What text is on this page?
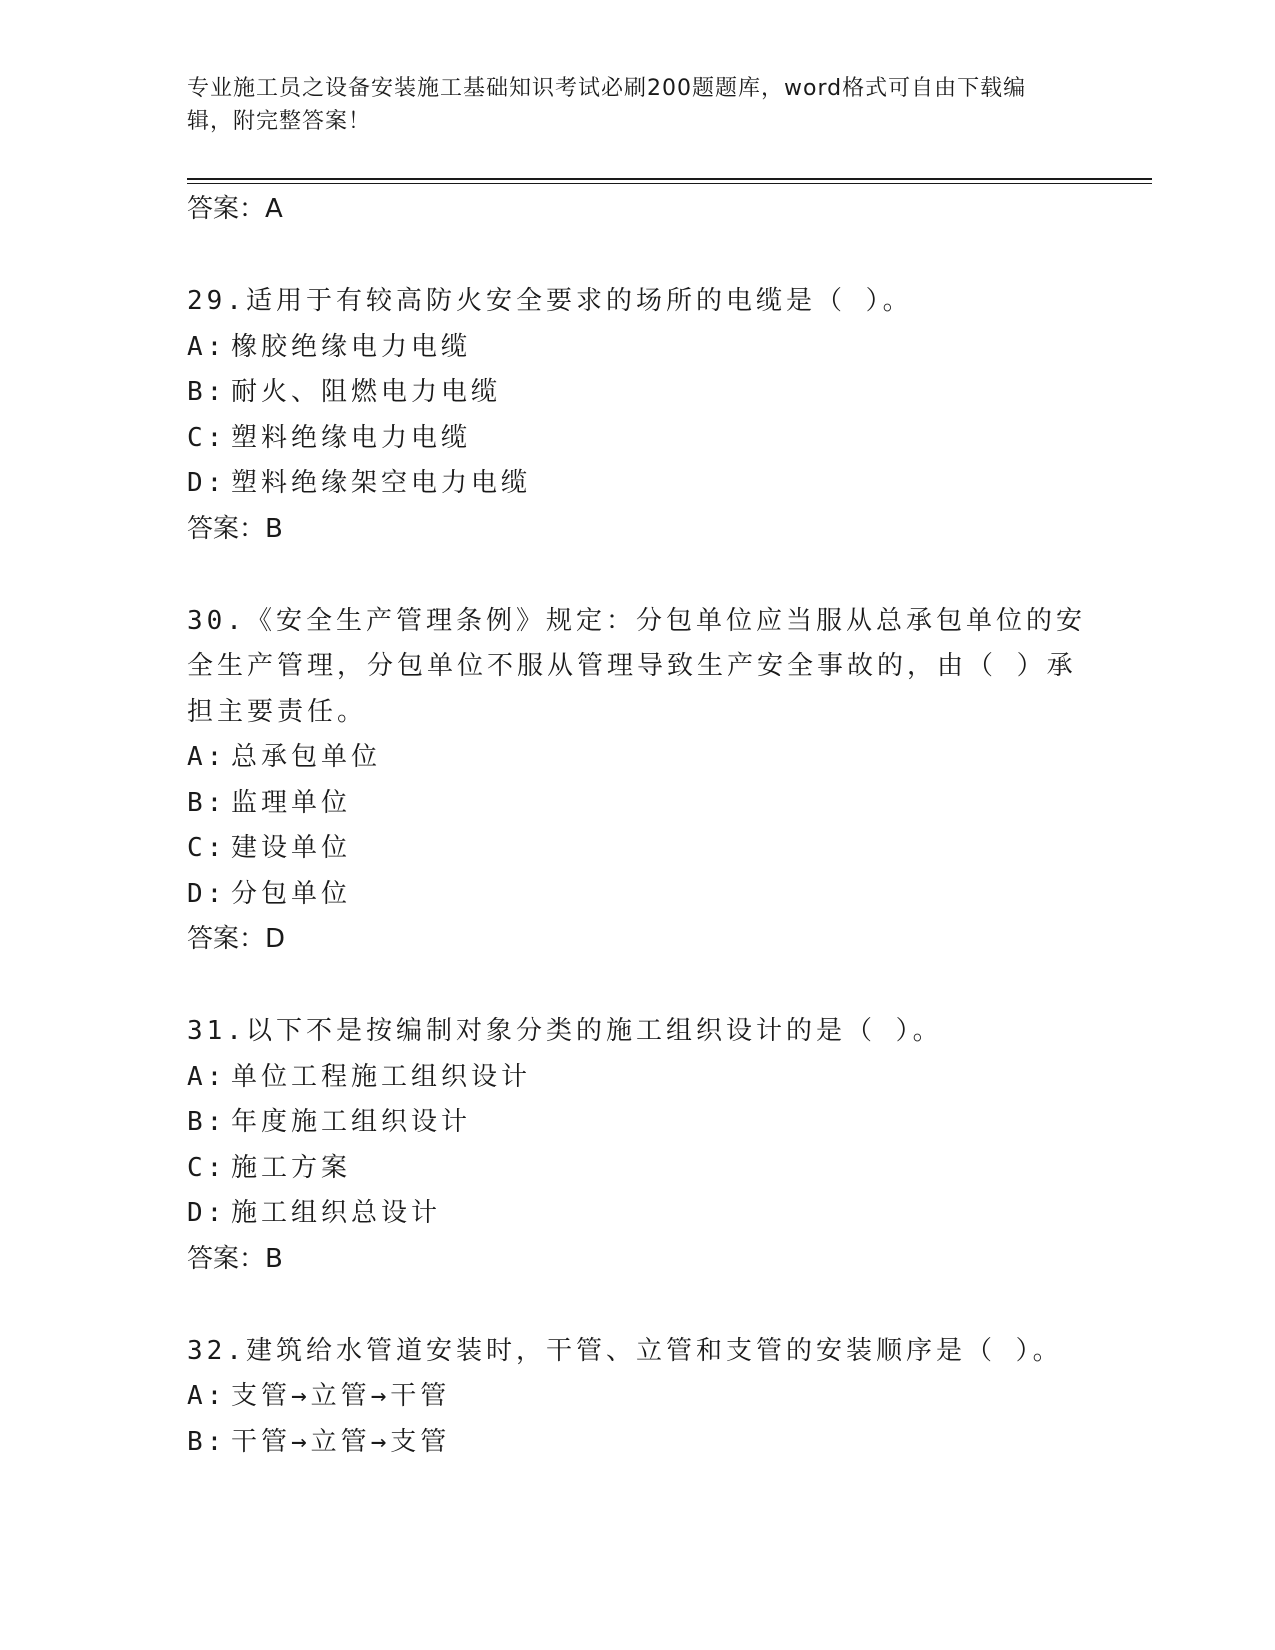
专业施工员之设备安装施工基础知识考试必刷200题题库，word格式可自由下载编辑，附完整答案！
答案：A
29.适用于有较高防火安全要求的场所的电缆是（ ）。
A: 橡胶绝缘电力电缆
B: 耐火、阻燃电力电缆
C: 塑料绝缘电力电缆
D: 塑料绝缘架空电力电缆
答案：B
30.《安全生产管理条例》规定：分包单位应当服从总承包单位的安全生产管理，分包单位不服从管理导致生产安全事故的，由（ ）承担主要责任。
A: 总承包单位
B: 监理单位
C: 建设单位
D: 分包单位
答案：D
31.以下不是按编制对象分类的施工组织设计的是（ ）。
A: 单位工程施工组织设计
B: 年度施工组织设计
C: 施工方案
D: 施工组织总设计
答案：B
32.建筑给水管道安装时，干管、立管和支管的安装顺序是（ ）。
A: 支管→立管→干管
B: 干管→立管→支管
